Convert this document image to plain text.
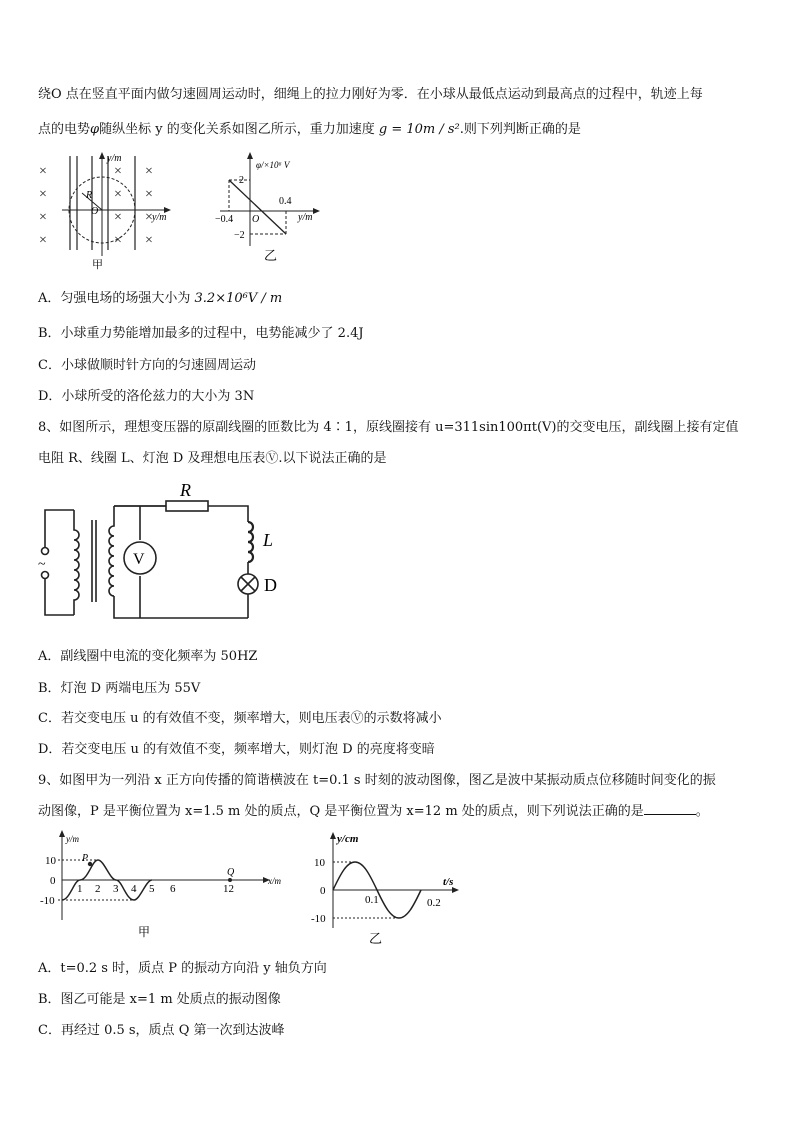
绕O 点在竖直平面内做匀速圆周运动时，细绳上的拉力刚好为零．在小球从最低点运动到最高点的过程中，轨迹上每
点的电势φ随纵坐标 y 的变化关系如图乙所示，重力加速度 g = 10m / s².则下列判断正确的是
×
×
×
×
×
×
×
×
×
×
×
×
y/m
y/m
O
R
甲
φ/×10⁶ V
2
−2
0.4
−0.4 O	y/m
乙
A．匀强电场的场强大小为 3.2×10⁶V / m
B．小球重力势能增加最多的过程中，电势能减少了 2.4J
C．小球做顺时针方向的匀速圆周运动
D．小球所受的洛伦兹力的大小为 3N
8、如图所示，理想变压器的原副线圈的匝数比为 4∶1，原线圈接有 u=311sin100πt(V)的交变电压，副线圈上接有定值
电阻 R、线圈 L、灯泡 D 及理想电压表Ⓥ.以下说法正确的是
~	V
R
L
D
A．副线圈中电流的变化频率为 50HZ
B．灯泡 D 两端电压为 55V
C．若交变电压 u 的有效值不变，频率增大，则电压表Ⓥ的示数将减小
D．若交变电压 u 的有效值不变，频率增大，则灯泡 D 的亮度将变暗
9、如图甲为一列沿 x 正方向传播的简谐横波在 t=0.1 s 时刻的波动图像，图乙是波中某振动质点位移随时间变化的振
动图像，P 是平衡位置为 x=1.5 m 处的质点，Q 是平衡位置为 x=12 m 处的质点，则下列说法正确的是	。
y/m
x/m
10
0
-10
P
Q
1 2 3 4 5 6	12
甲
y/cm
t/s
10
0
-10
0.1	0.2
乙
A．t=0.2 s 时，质点 P 的振动方向沿 y 轴负方向
B．图乙可能是 x=1 m 处质点的振动图像
C．再经过 0.5 s，质点 Q 第一次到达波峰
